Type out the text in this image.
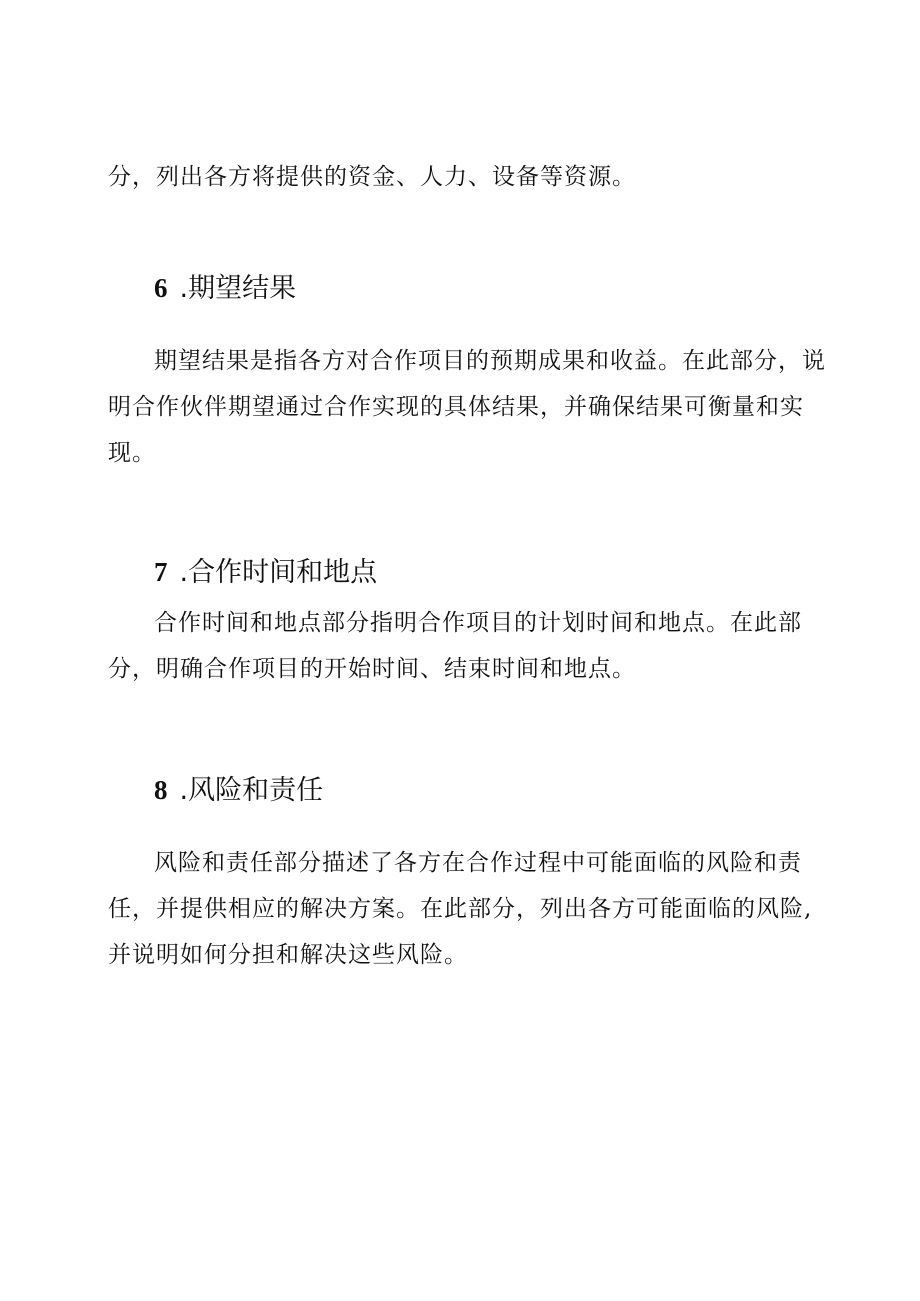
分，列出各方将提供的资金、人力、设备等资源。

6 .期望结果

期望结果是指各方对合作项目的预期成果和收益。在此部分，说明合作伙伴期望通过合作实现的具体结果，并确保结果可衡量和实现。

7 .合作时间和地点

合作时间和地点部分指明合作项目的计划时间和地点。在此部分，明确合作项目的开始时间、结束时间和地点。

8 .风险和责任

风险和责任部分描述了各方在合作过程中可能面临的风险和责任，并提供相应的解决方案。在此部分，列出各方可能面临的风险, 并说明如何分担和解决这些风险。
